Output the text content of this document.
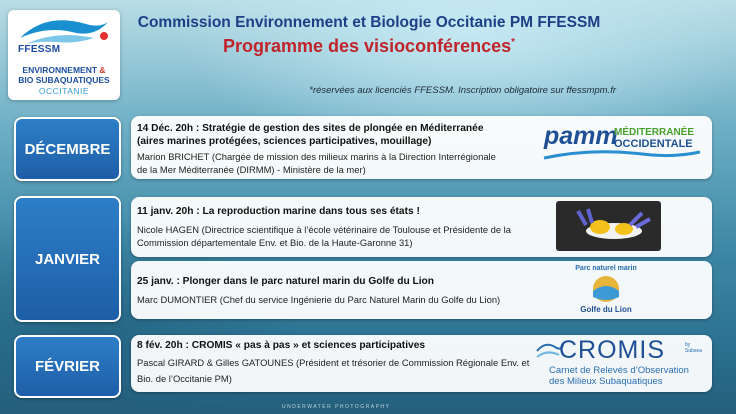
FFESSM
ENVIRONNEMENT &
BIO SUBAQUATIQUES
OCCITANIE
Commission Environnement et Biologie Occitanie PM FFESSM
Programme des visioconférences*
*réservées aux licenciés FFESSM. Inscription obligatoire sur ffessmpm.fr
DÉCEMBRE
JANVIER
FÉVRIER
14 Déc. 20h : Stratégie de gestion des sites de plongée en Méditerranée
(aires marines protégées, sciences participatives, mouillage)
Marion BRICHET (Chargée de mission des milieux marins à la Direction Interrégionale
de la Mer Méditerranée (DIRMM) - Ministère de la mer)
pamm
MÉDITERRANÉE
OCCIDENTALE
11 janv. 20h : La reproduction marine dans tous ses états !
Nicole HAGEN (Directrice scientifique à l’école vétérinaire de Toulouse et Présidente de la
Commission départementale Env. et Bio. de la Haute-Garonne 31)
25 janv. : Plonger dans le parc naturel marin du Golfe du Lion
Marc DUMONTIER (Chef du service Ingénierie du Parc Naturel Marin du Golfe du Lion)
Parc naturel marin
Golfe du Lion
8 fév. 20h : CROMIS « pas à pas » et sciences participatives
Pascal GIRARD & Gilles GATOUNES (Président et trésorier de Commission Régionale Env. et
Bio. de l’Occitanie PM)
CROMIS	by Subsea
Carnet de Relevés d’Observation
des Milieux Subaquatiques
UNDERWATER PHOTOGRAPHY
